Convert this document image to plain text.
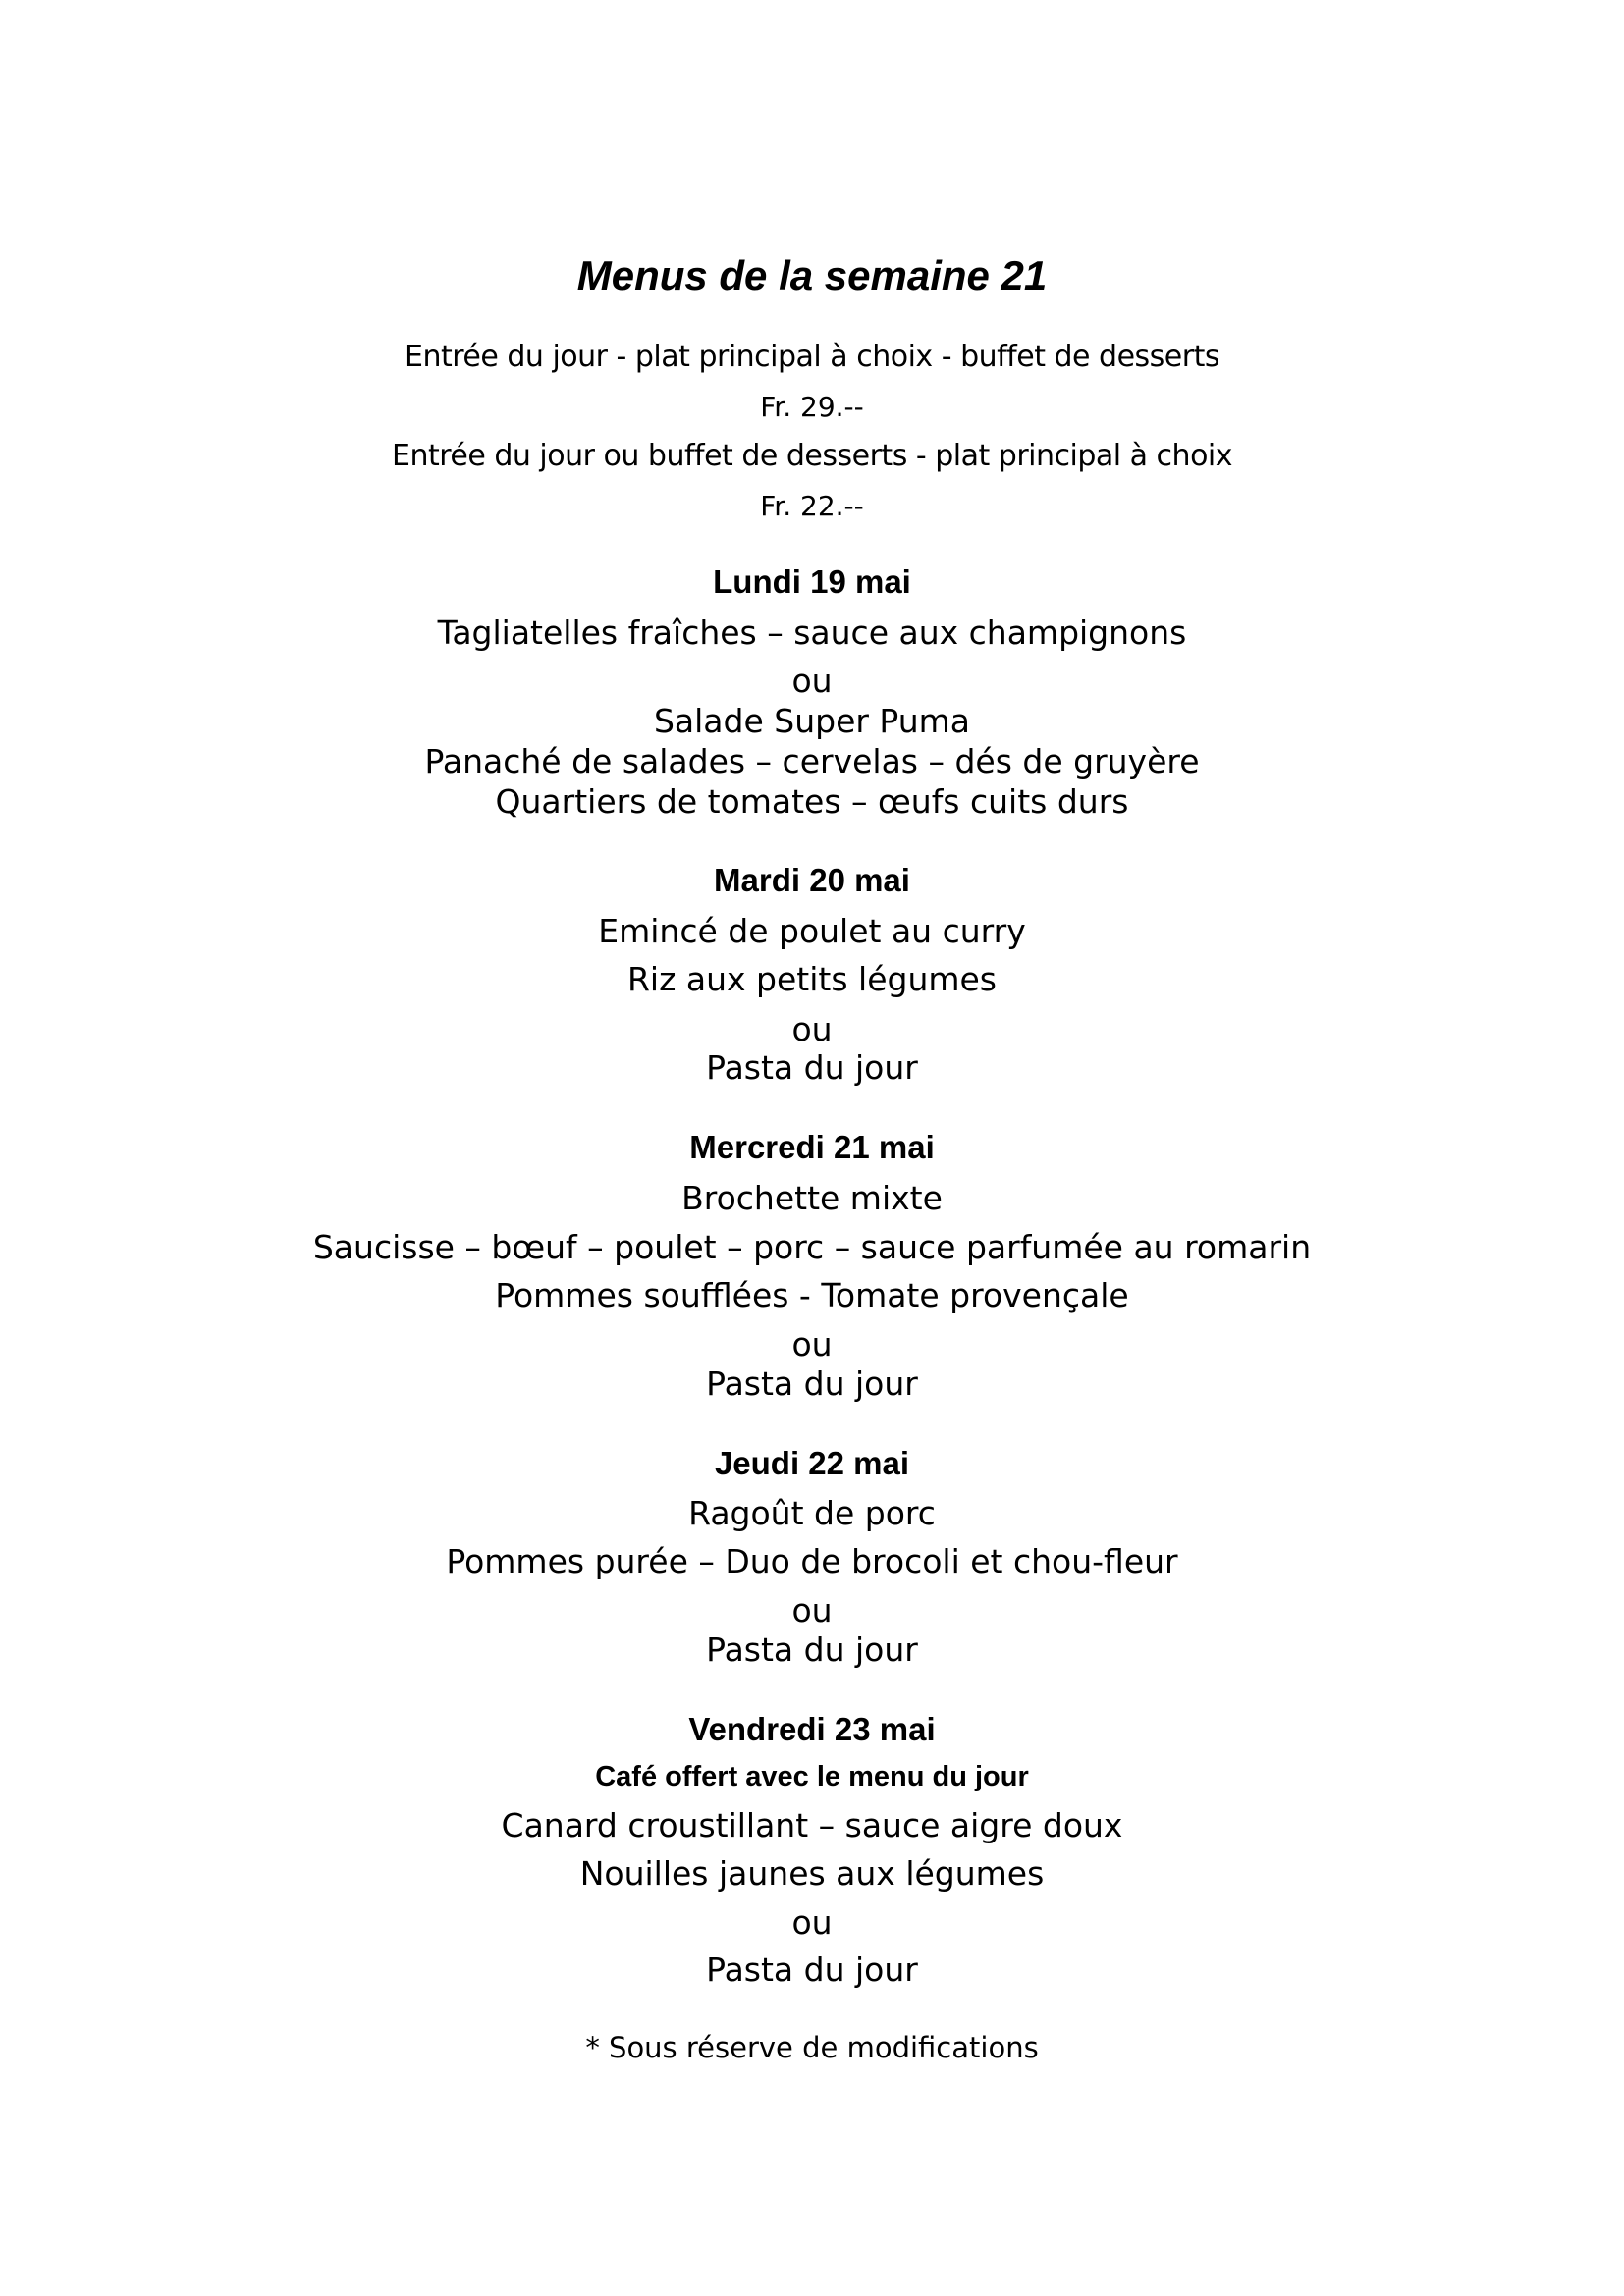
Menus de la semaine 21
Entrée du jour - plat principal à choix - buffet de desserts
Fr. 29.--
Entrée du jour ou buffet de desserts - plat principal à choix
Fr. 22.--
Lundi 19 mai
Tagliatelles fraîches – sauce aux champignons
ou
Salade Super Puma
Panaché de salades – cervelas – dés de gruyère
Quartiers de tomates – œufs cuits durs
Mardi 20 mai
Emincé de poulet au curry
Riz aux petits légumes
ou
Pasta du jour
Mercredi 21 mai
Brochette mixte
Saucisse – bœuf – poulet – porc – sauce parfumée au romarin
Pommes soufflées - Tomate provençale
ou
Pasta du jour
Jeudi 22 mai
Ragoût de porc
Pommes purée – Duo de brocoli et chou-fleur
ou
Pasta du jour
Vendredi 23 mai
Café offert avec le menu du jour
Canard croustillant – sauce aigre doux
Nouilles jaunes aux légumes
ou
Pasta du jour
* Sous réserve de modifications
